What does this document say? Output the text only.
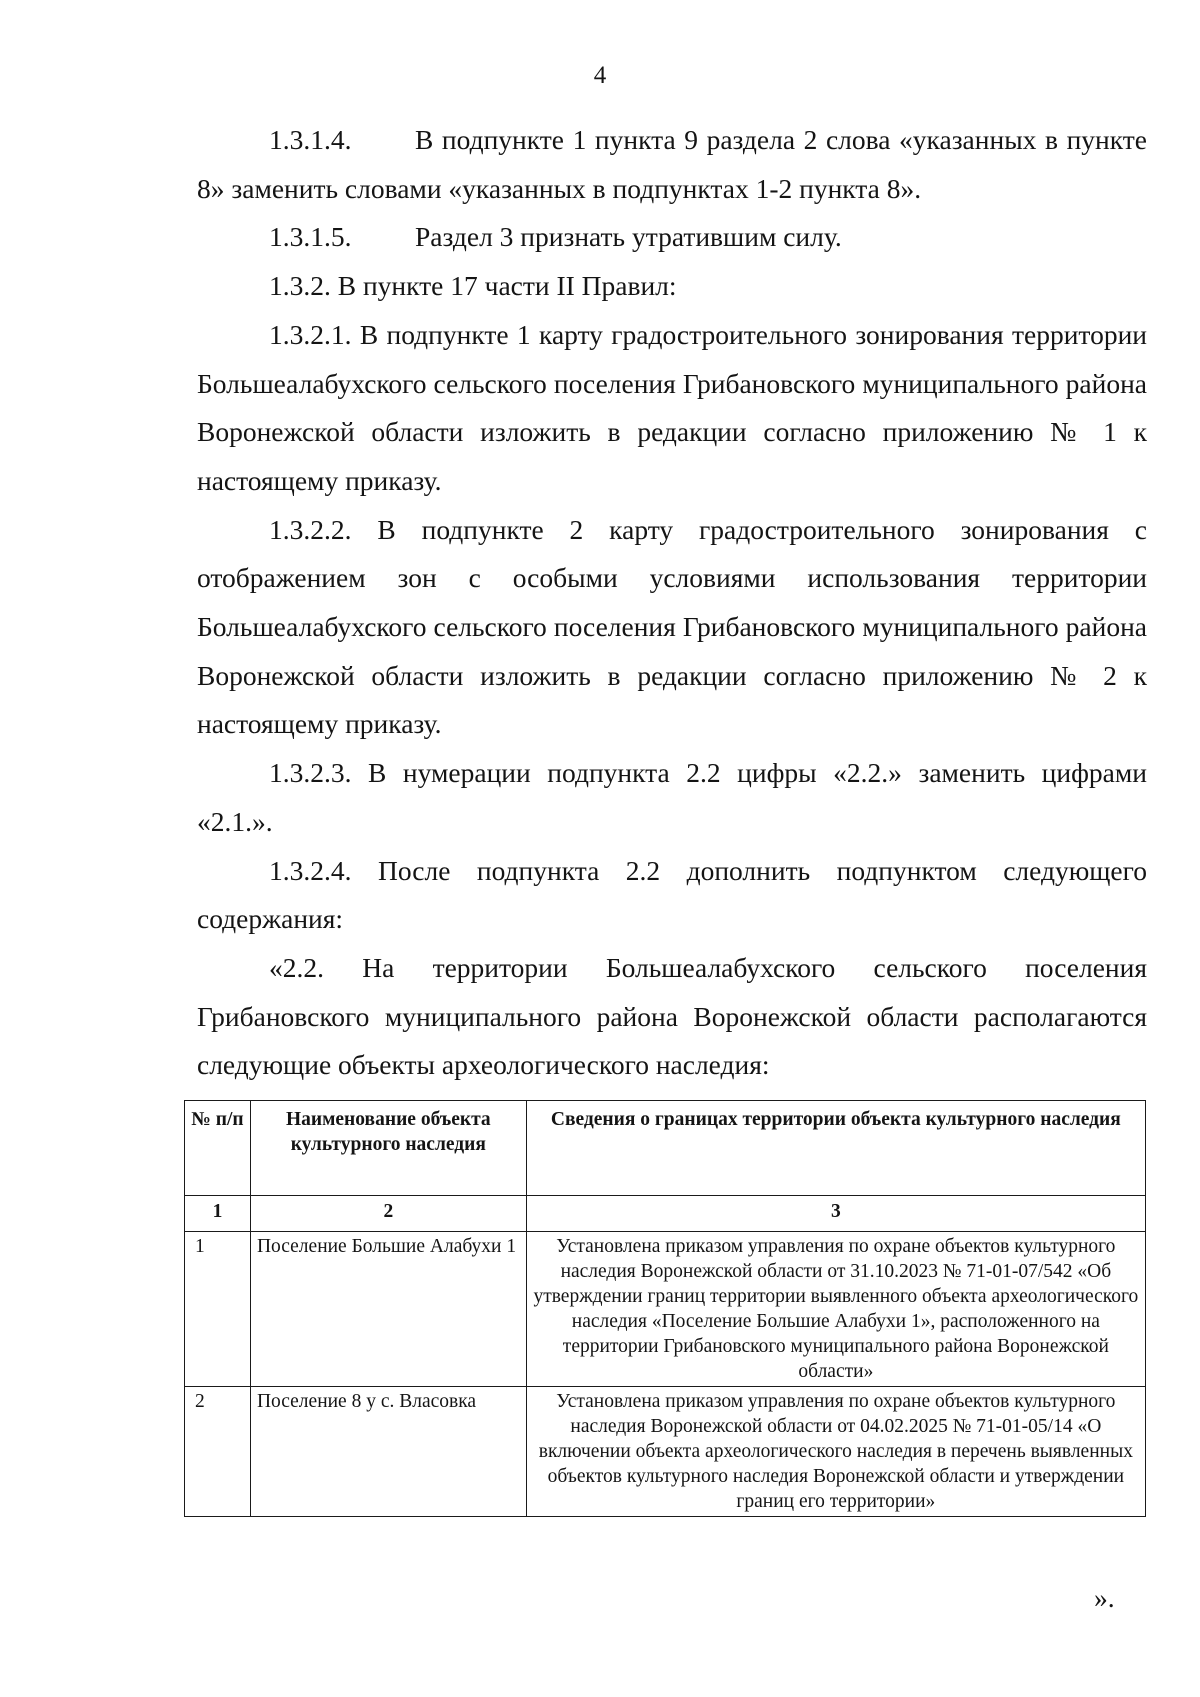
4

1.3.1.4. В подпункте 1 пункта 9 раздела 2 слова «указанных в пункте 8» заменить словами «указанных в подпунктах 1-2 пункта 8».

1.3.1.5. Раздел 3 признать утратившим силу.

1.3.2. В пункте 17 части II Правил:

1.3.2.1. В подпункте 1 карту градостроительного зонирования территории Большеалабухского сельского поселения Грибановского муниципального района Воронежской области изложить в редакции согласно приложению № 1 к настоящему приказу.

1.3.2.2. В подпункте 2 карту градостроительного зонирования с отображением зон с особыми условиями использования территории Большеалабухского сельского поселения Грибановского муниципального района Воронежской области изложить в редакции согласно приложению № 2 к настоящему приказу.

1.3.2.3. В нумерации подпункта 2.2 цифры «2.2.» заменить цифрами «2.1.».

1.3.2.4. После подпункта 2.2 дополнить подпунктом следующего содержания:

«2.2. На территории Большеалабухского сельского поселения Грибановского муниципального района Воронежской области располагаются следующие объекты археологического наследия:

№ п/п	Наименование объекта культурного наследия	Сведения о границах территории объекта культурного наследия
1	2	3
1	Поселение Большие Алабухи 1	Установлена приказом управления по охране объектов культурного наследия Воронежской области от 31.10.2023 № 71-01-07/542 «Об утверждении границ территории выявленного объекта археологического наследия «Поселение Большие Алабухи 1», расположенного на территории Грибановского муниципального района Воронежской области»
2	Поселение 8 у с. Власовка	Установлена приказом управления по охране объектов культурного наследия Воронежской области от 04.02.2025 № 71-01-05/14 «О включении объекта археологического наследия в перечень выявленных объектов культурного наследия Воронежской области и утверждении границ его территории»
».
